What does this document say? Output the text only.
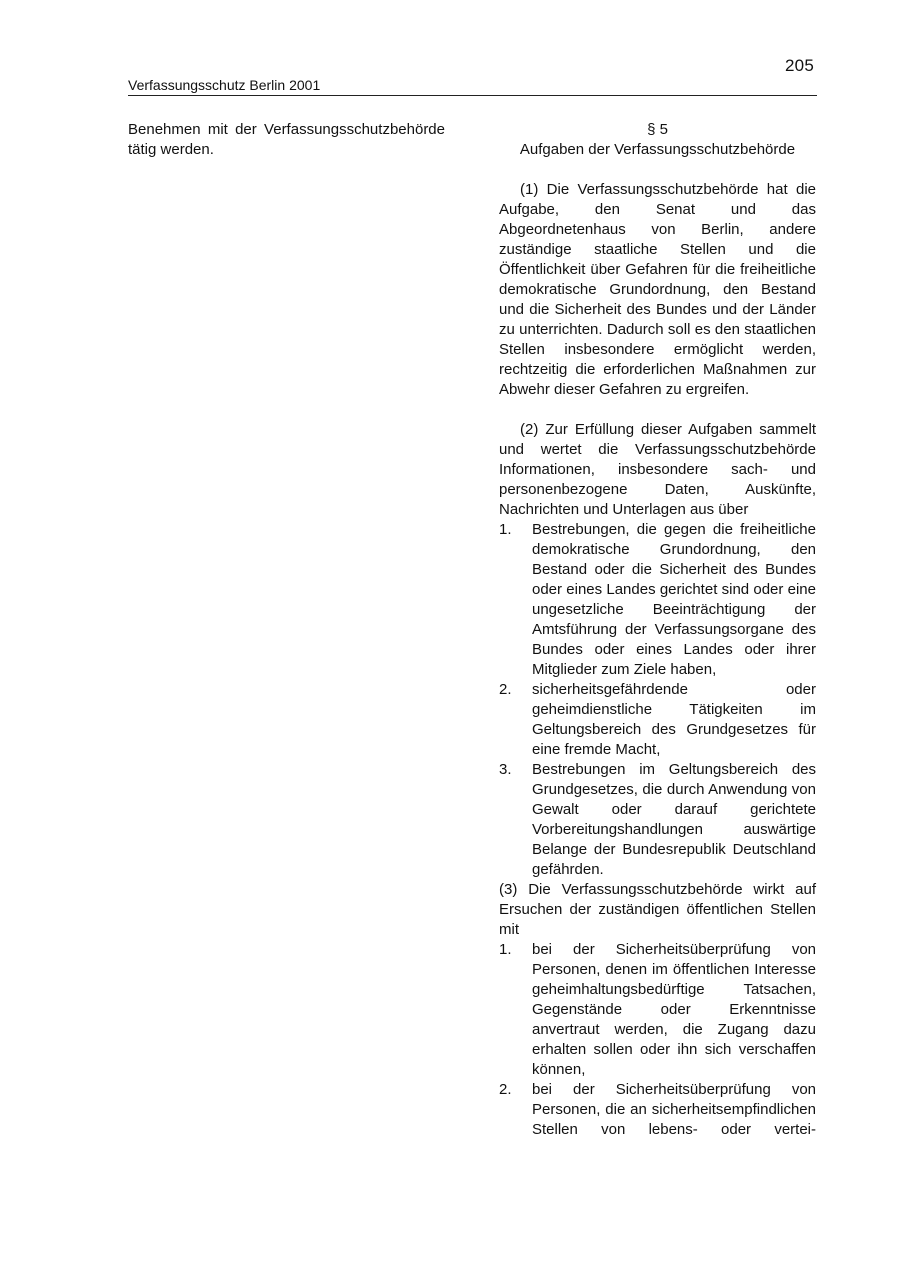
205
Verfassungsschutz Berlin 2001

Benehmen mit der Verfassungsschutzbehörde tätig werden.

§ 5
Aufgaben der Verfassungsschutzbehörde

(1) Die Verfassungsschutzbehörde hat die Aufgabe, den Senat und das Abgeordnetenhaus von Berlin, andere zuständige staatliche Stellen und die Öffentlichkeit über Gefahren für die freiheitliche demokratische Grundordnung, den Bestand und die Sicherheit des Bundes und der Länder zu unterrichten. Dadurch soll es den staatlichen Stellen insbesondere ermöglicht werden, rechtzeitig die erforderlichen Maßnahmen zur Abwehr dieser Gefahren zu ergreifen.

(2) Zur Erfüllung dieser Aufgaben sammelt und wertet die Verfassungsschutzbehörde Informationen, insbesondere sach- und personenbezogene Daten, Auskünfte, Nachrichten und Unterlagen aus über

1. Bestrebungen, die gegen die freiheitliche demokratische Grundordnung, den Bestand oder die Sicherheit des Bundes oder eines Landes gerichtet sind oder eine ungesetzliche Beeinträchtigung der Amtsführung der Verfassungsorgane des Bundes oder eines Landes oder ihrer Mitglieder zum Ziele haben,
2. sicherheitsgefährdende oder geheimdienstliche Tätigkeiten im Geltungsbereich des Grundgesetzes für eine fremde Macht,
3. Bestrebungen im Geltungsbereich des Grundgesetzes, die durch Anwendung von Gewalt oder darauf gerichtete Vorbereitungshandlungen auswärtige Belange der Bundesrepublik Deutschland gefährden.

(3) Die Verfassungsschutzbehörde wirkt auf Ersuchen der zuständigen öffentlichen Stellen mit

1. bei der Sicherheitsüberprüfung von Personen, denen im öffentlichen Interesse geheimhaltungsbedürftige Tatsachen, Gegenstände oder Erkenntnisse anvertraut werden, die Zugang dazu erhalten sollen oder ihn sich verschaffen können,
2. bei der Sicherheitsüberprüfung von Personen, die an sicherheitsempfindlichen Stellen von lebens- oder vertei-
